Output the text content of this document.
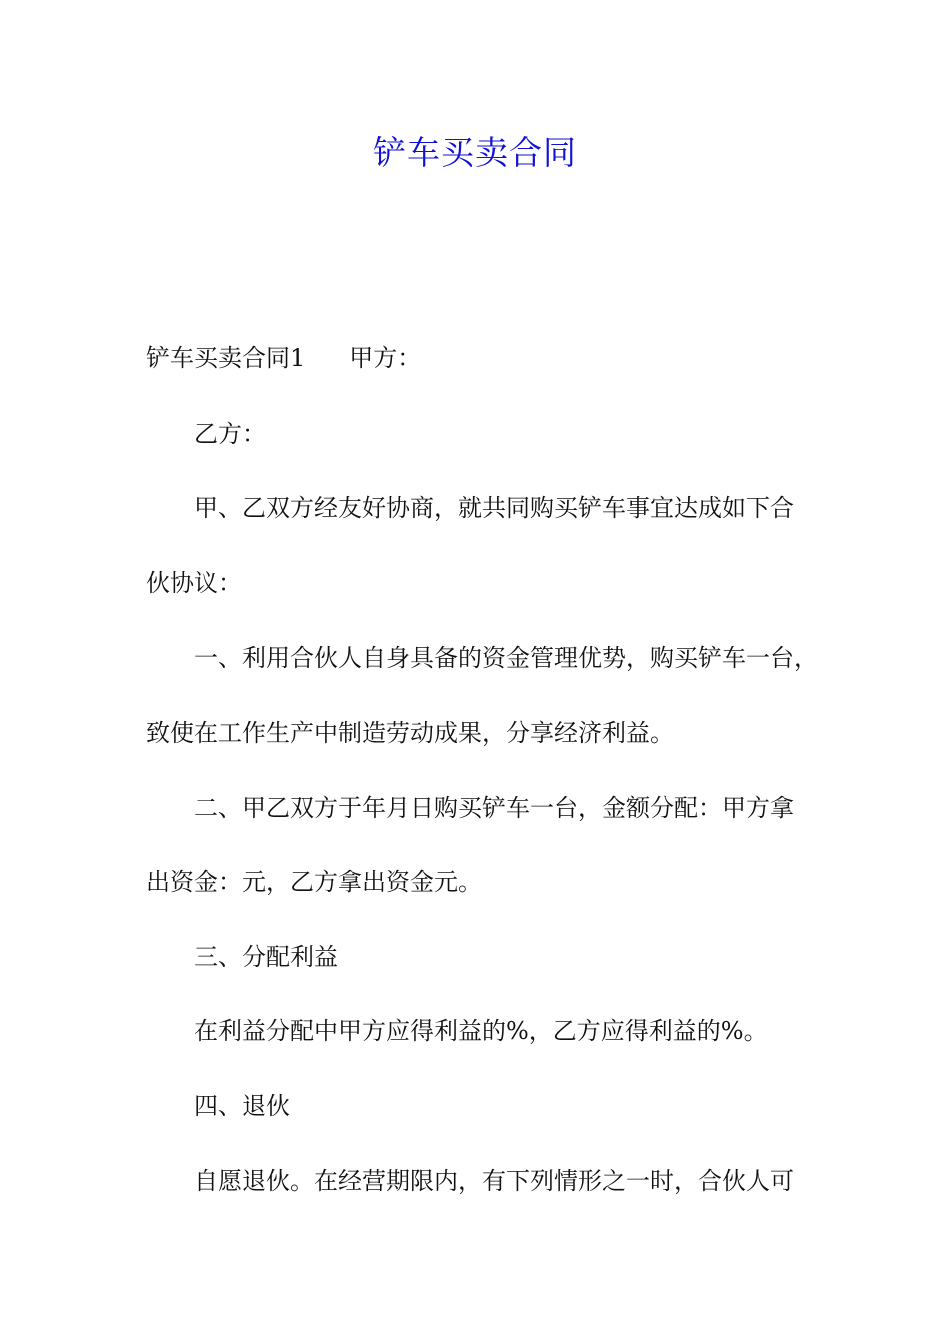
铲车买卖合同

铲车买卖合同1 甲方：

乙方：

甲、乙双方经友好协商，就共同购买铲车事宜达成如下合

伙协议：

一、利用合伙人自身具备的资金管理优势，购买铲车一台，

致使在工作生产中制造劳动成果，分享经济利益。

二、甲乙双方于年月日购买铲车一台，金额分配：甲方拿

出资金：元，乙方拿出资金元。

三、分配利益

在利益分配中甲方应得利益的%，乙方应得利益的%。

四、退伙

自愿退伙。在经营期限内，有下列情形之一时，合伙人可
